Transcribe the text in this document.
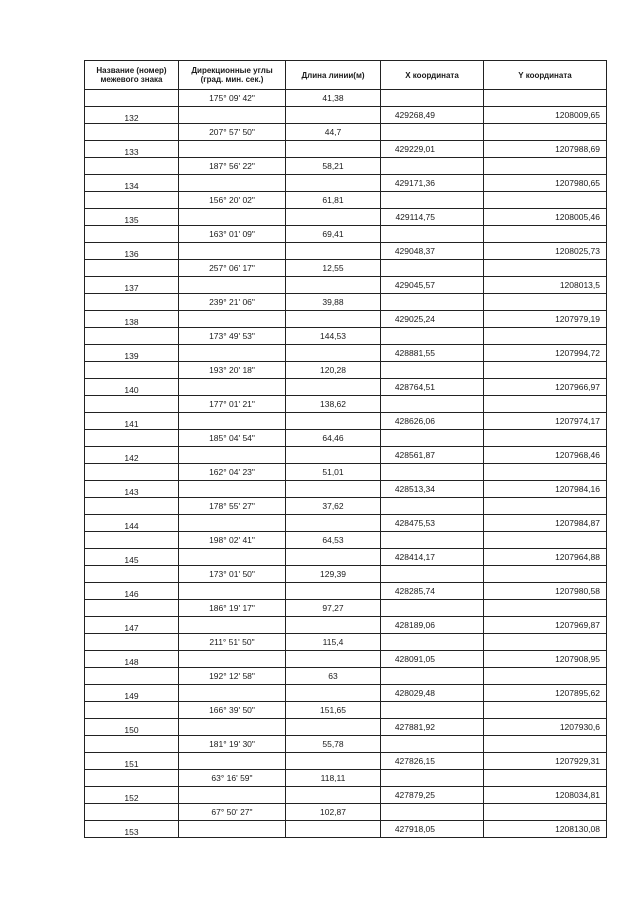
Название (номер) межевого знака	Дирекционные углы (град. мин. сек.)	Длина линии(м)	X координата	Y координата
	175° 09' 42"	41,38		
132			429268,49	1208009,65
	207° 57' 50"	44,7		
133			429229,01	1207988,69
	187° 56' 22"	58,21		
134			429171,36	1207980,65
	156° 20' 02"	61,81		
135			429114,75	1208005,46
	163° 01' 09"	69,41		
136			429048,37	1208025,73
	257° 06' 17"	12,55		
137			429045,57	1208013,5
	239° 21' 06"	39,88		
138			429025,24	1207979,19
	173° 49' 53"	144,53		
139			428881,55	1207994,72
	193° 20' 18"	120,28		
140			428764,51	1207966,97
	177° 01' 21"	138,62		
141			428626,06	1207974,17
	185° 04' 54"	64,46		
142			428561,87	1207968,46
	162° 04' 23"	51,01		
143			428513,34	1207984,16
	178° 55' 27"	37,62		
144			428475,53	1207984,87
	198° 02' 41"	64,53		
145			428414,17	1207964,88
	173° 01' 50"	129,39		
146			428285,74	1207980,58
	186° 19' 17"	97,27		
147			428189,06	1207969,87
	211° 51' 50"	115,4		
148			428091,05	1207908,95
	192° 12' 58"	63		
149			428029,48	1207895,62
	166° 39' 50"	151,65		
150			427881,92	1207930,6
	181° 19' 30"	55,78		
151			427826,15	1207929,31
	63° 16' 59"	118,11		
152			427879,25	1208034,81
	67° 50' 27"	102,87		
153			427918,05	1208130,08
